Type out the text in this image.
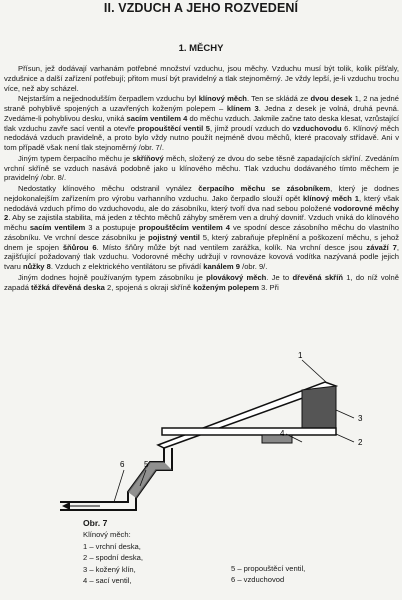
II. VZDUCH A JEHO ROZVEDENÍ
1. MĚCHY

Přísun, jež dodávají varhanám potřebné množství vzduchu, jsou měchy. Vzduchu musí být tolik, kolik píšťaly, vzdušnice a další zařízení potřebují; přitom musí být pravidelný a tlak stejnoměrný. Je vždy lepší, je-li vzduchu trochu více, než aby scházel.

Nejstarším a nejjednodušším čerpadlem vzduchu byl klínový měch. Ten se skládá ze dvou desek 1, 2 na jedné straně pohyblivě spojených a uzavřených koženým polepem – klínem 3. Jedna z desek je volná, druhá pevná. Zvedáme-li pohyblivou desku, vniká sacím ventilem 4 do měchu vzduch. Jakmile začne tato deska klesat, vzrůstající tlak vzduchu zavře sací ventil a otevře propouštěcí ventil 5, jímž proudí vzduch do vzduchovodu 6. Klínový měch nedodává vzduch pravidelně, a proto bylo vždy nutno použít nejméně dvou měchů, které pracovaly střídavě. Ani v tom případě však není tlak stejnoměrný /obr. 7/.

Jiným typem čerpacího měchu je skříňový měch, složený ze dvou do sebe těsně zapadajících skříní. Zvedáním vrchní skříně se vzduch nasává podobně jako u klínového měchu. Tlak vzduchu dodávaného tímto měchem je pravidelný /obr. 8/.

Nedostatky klínového měchu odstranil vynález čerpacího měchu se zásobníkem, který je dodnes nejdokonalejším zařízením pro výrobu varhanního vzduchu. Jako čerpadlo slouží opět klínový měch 1, který však nedodává vzduch přímo do vzduchovodu, ale do zásobníku, který tvoří dva nad sebou položené vodorovné měchy 2. Aby se zajistila stabilita, má jeden z těchto měchů záhyby směrem ven a druhý dovnitř. Vzduch vniká do klínového měchu sacím ventilem 3 a postupuje propouštěcím ventilem 4 ve spodní desce zásobního měchu do vlastního zásobníku. Ve vrchní desce zásobníku je pojistný ventil 5, který zabraňuje přeplnění a poškození měchu, s jehož dnem je spojen šňůrou 6. Místo šňůry může být nad ventilem zarážka, kolík. Na vrchní desce jsou závaží 7, zajišťující požadovaný tlak vzduchu. Vodorovné měchy udržují v rovnováze kovová vodítka nazývaná podle jejich tvaru nůžky 8. Vzduch z elektrického ventilátoru se přivádí kanálem 9 /obr. 9/.

Jiným dodnes hojně používaným typem zásobníku je plovákový měch. Je to dřevěná skříň 1, do níž volně zapadá těžká dřevěná deska 2, spojená s okraji skříně koženým polepem 3. Při

1
3
2
4
5
6
Obr. 7
Klínový měch:
1 – vrchní deska,
2 – spodní deska,
3 – kožený klín,
4 – sací ventil,
5 – propouštěcí ventil,
6 – vzduchovod
